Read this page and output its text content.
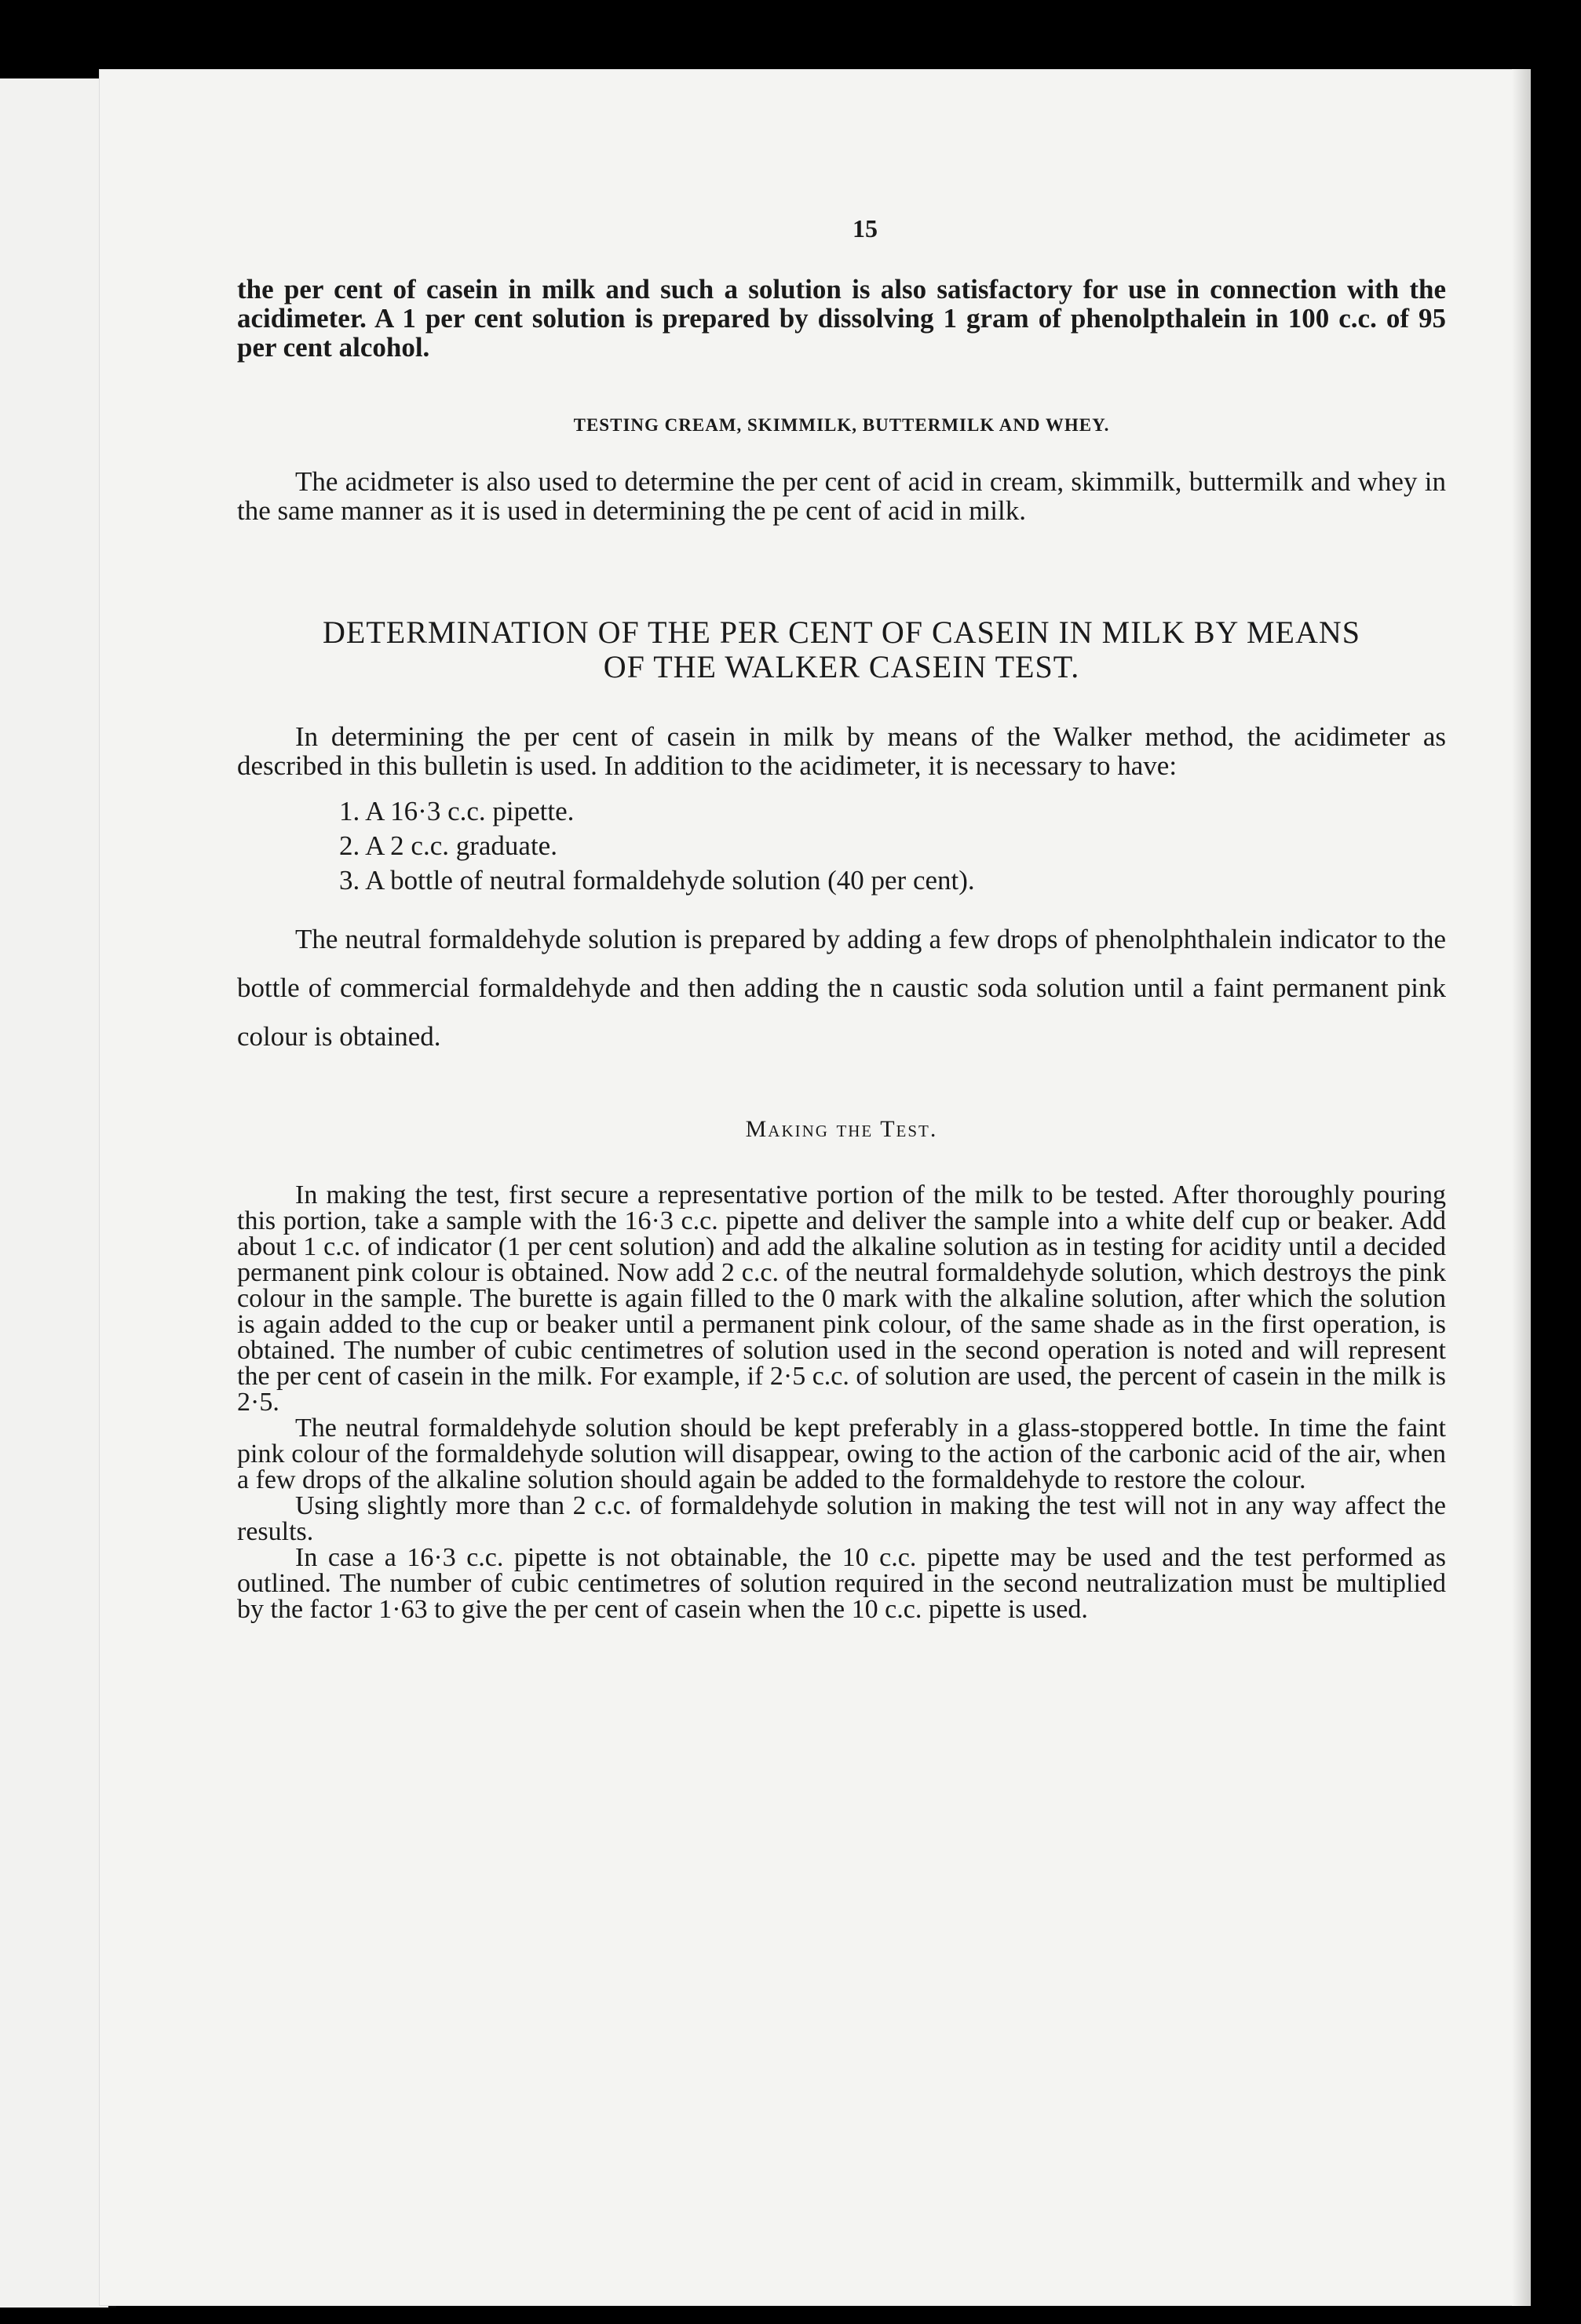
15

the per cent of casein in milk and such a solution is also satisfactory for use in connection with the acidimeter. A 1 per cent solution is prepared by dissolving 1 gram of phenolpthalein in 100 c.c. of 95 per cent alcohol.

TESTING CREAM, SKIMMILK, BUTTERMILK AND WHEY.

The acidmeter is also used to determine the per cent of acid in cream, skimmilk, buttermilk and whey in the same manner as it is used in determining the pe cent of acid in milk.

DETERMINATION OF THE PER CENT OF CASEIN IN MILK BY MEANS
OF THE WALKER CASEIN TEST.

In determining the per cent of casein in milk by means of the Walker method, the acidimeter as described in this bulletin is used. In addition to the acidimeter, it is necessary to have:

1. A 16·3 c.c. pipette.
2. A 2 c.c. graduate.
3. A bottle of neutral formaldehyde solution (40 per cent).

The neutral formaldehyde solution is prepared by adding a few drops of phenolphthalein indicator to the bottle of commercial formaldehyde and then adding the n caustic soda solution until a faint permanent pink colour is obtained.

Making the Test.

In making the test, first secure a representative portion of the milk to be tested. After thoroughly pouring this portion, take a sample with the 16·3 c.c. pipette and deliver the sample into a white delf cup or beaker. Add about 1 c.c. of indicator (1 per cent solution) and add the alkaline solution as in testing for acidity until a decided permanent pink colour is obtained. Now add 2 c.c. of the neutral formaldehyde solution, which destroys the pink colour in the sample. The burette is again filled to the 0 mark with the alkaline solution, after which the solution is again added to the cup or beaker until a permanent pink colour, of the same shade as in the first operation, is obtained. The number of cubic centimetres of solution used in the second operation is noted and will represent the per cent of casein in the milk. For example, if 2·5 c.c. of solution are used, the percent of casein in the milk is 2·5.

The neutral formaldehyde solution should be kept preferably in a glass-stoppered bottle. In time the faint pink colour of the formaldehyde solution will disappear, owing to the action of the carbonic acid of the air, when a few drops of the alkaline solution should again be added to the formaldehyde to restore the colour.

Using slightly more than 2 c.c. of formaldehyde solution in making the test will not in any way affect the results.

In case a 16·3 c.c. pipette is not obtainable, the 10 c.c. pipette may be used and the test performed as outlined. The number of cubic centimetres of solution required in the second neutralization must be multiplied by the factor 1·63 to give the per cent of casein when the 10 c.c. pipette is used.
